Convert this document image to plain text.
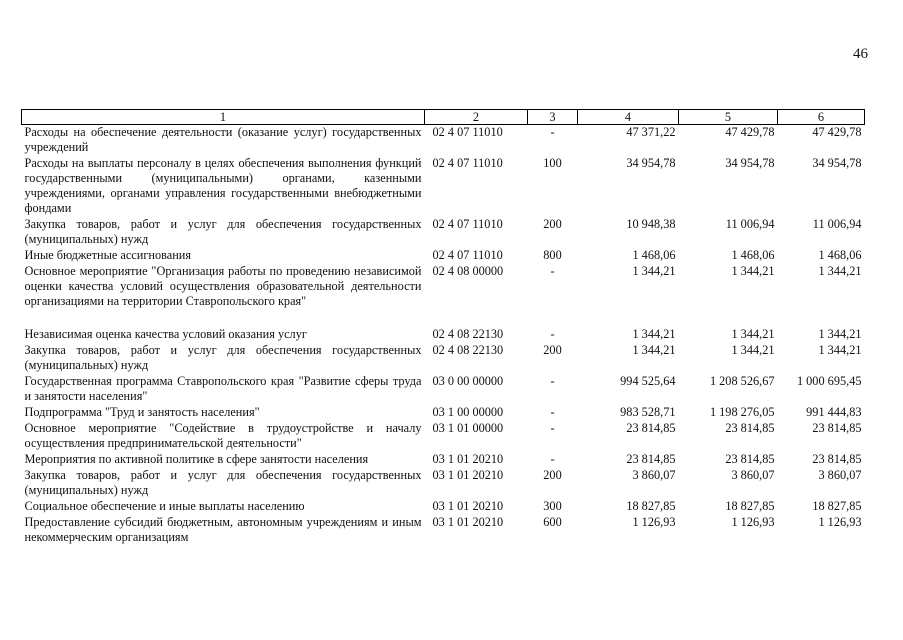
46
1	2	3	4	5	6
Расходы на обеспечение деятельности (оказание услуг) государственных учреждений	02 4 07 11010	-	47 371,22	47 429,78	47 429,78
Расходы на выплаты персоналу в целях обеспечения выполнения функций государственными (муниципальными) органами, казенными учреждениями, органами управления государственными внебюджетными фондами	02 4 07 11010	100	34 954,78	34 954,78	34 954,78
Закупка товаров, работ и услуг для обеспечения государственных (муниципальных) нужд	02 4 07 11010	200	10 948,38	11 006,94	11 006,94
Иные бюджетные ассигнования	02 4 07 11010	800	1 468,06	1 468,06	1 468,06
Основное мероприятие "Организация работы по проведению независимой оценки качества условий осуществления образовательной деятельности организациями на территории Ставропольского края"	02 4 08 00000	-	1 344,21	1 344,21	1 344,21

Независимая оценка качества условий оказания услуг	02 4 08 22130	-	1 344,21	1 344,21	1 344,21
Закупка товаров, работ и услуг для обеспечения государственных (муниципальных) нужд	02 4 08 22130	200	1 344,21	1 344,21	1 344,21
Государственная программа Ставропольского края "Развитие сферы труда и занятости населения"	03 0 00 00000	-	994 525,64	1 208 526,67	1 000 695,45
Подпрограмма "Труд и занятость населения"	03 1 00 00000	-	983 528,71	1 198 276,05	991 444,83
Основное мероприятие "Содействие в трудоустройстве и началу осуществления предпринимательской деятельности"	03 1 01 00000	-	23 814,85	23 814,85	23 814,85
Мероприятия по активной политике в сфере занятости населения	03 1 01 20210	-	23 814,85	23 814,85	23 814,85
Закупка товаров, работ и услуг для обеспечения государственных (муниципальных) нужд	03 1 01 20210	200	3 860,07	3 860,07	3 860,07
Социальное обеспечение и иные выплаты населению	03 1 01 20210	300	18 827,85	18 827,85	18 827,85
Предоставление субсидий бюджетным, автономным учреждениям и иным некоммерческим организациям	03 1 01 20210	600	1 126,93	1 126,93	1 126,93
